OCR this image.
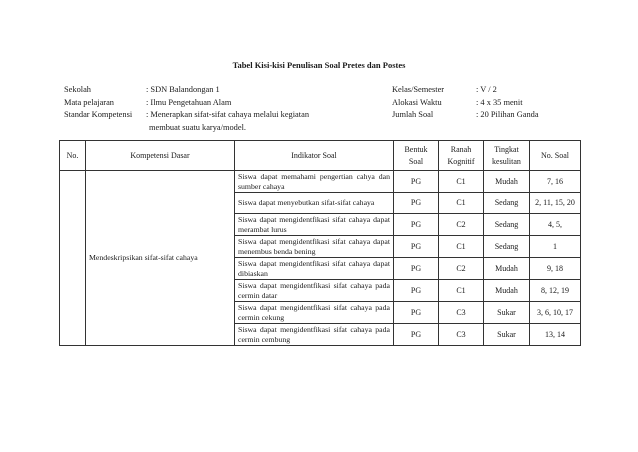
Tabel Kisi-kisi Penulisan Soal Pretes dan Postes
Sekolah	: SDN Balandongan 1
Mata pelajaran	: Ilmu Pengetahuan Alam
Standar Kompetensi	: Menerapkan sifat-sifat cahaya melalui kegiatan
membuat suatu karya/model.
Kelas/Semester	: V / 2
Alokasi Waktu	: 4 x 35 menit
Jumlah Soal	: 20 Pilihan Ganda
No.	Kompetensi Dasar	Indikator Soal	Bentuk Soal	Ranah Kognitif	Tingkat kesulitan	No. Soal
	Mendeskripsikan sifat-sifat cahaya	Siswa dapat memahami pengertian cahya dan sumber cahaya	PG	C1	Mudah	7, 16
		Siswa dapat menyebutkan sifat-sifat cahaya	PG	C1	Sedang	2, 11, 15, 20
		Siswa dapat mengidentfikasi sifat cahaya dapat merambat lurus	PG	C2	Sedang	4, 5,
		Siswa dapat mengidentfikasi sifat cahaya dapat menembus benda bening	PG	C1	Sedang	1
		Siswa dapat mengidentfikasi sifat cahaya dapat dibiaskan	PG	C2	Mudah	9, 18
		Siswa dapat mengidentfikasi sifat cahaya pada cermin datar	PG	C1	Mudah	8, 12, 19
		Siswa dapat mengidentfikasi sifat cahaya pada cermin cekung	PG	C3	Sukar	3, 6, 10, 17
		Siswa dapat mengidentfikasi sifat cahaya pada cermin cembung	PG	C3	Sukar	13, 14
